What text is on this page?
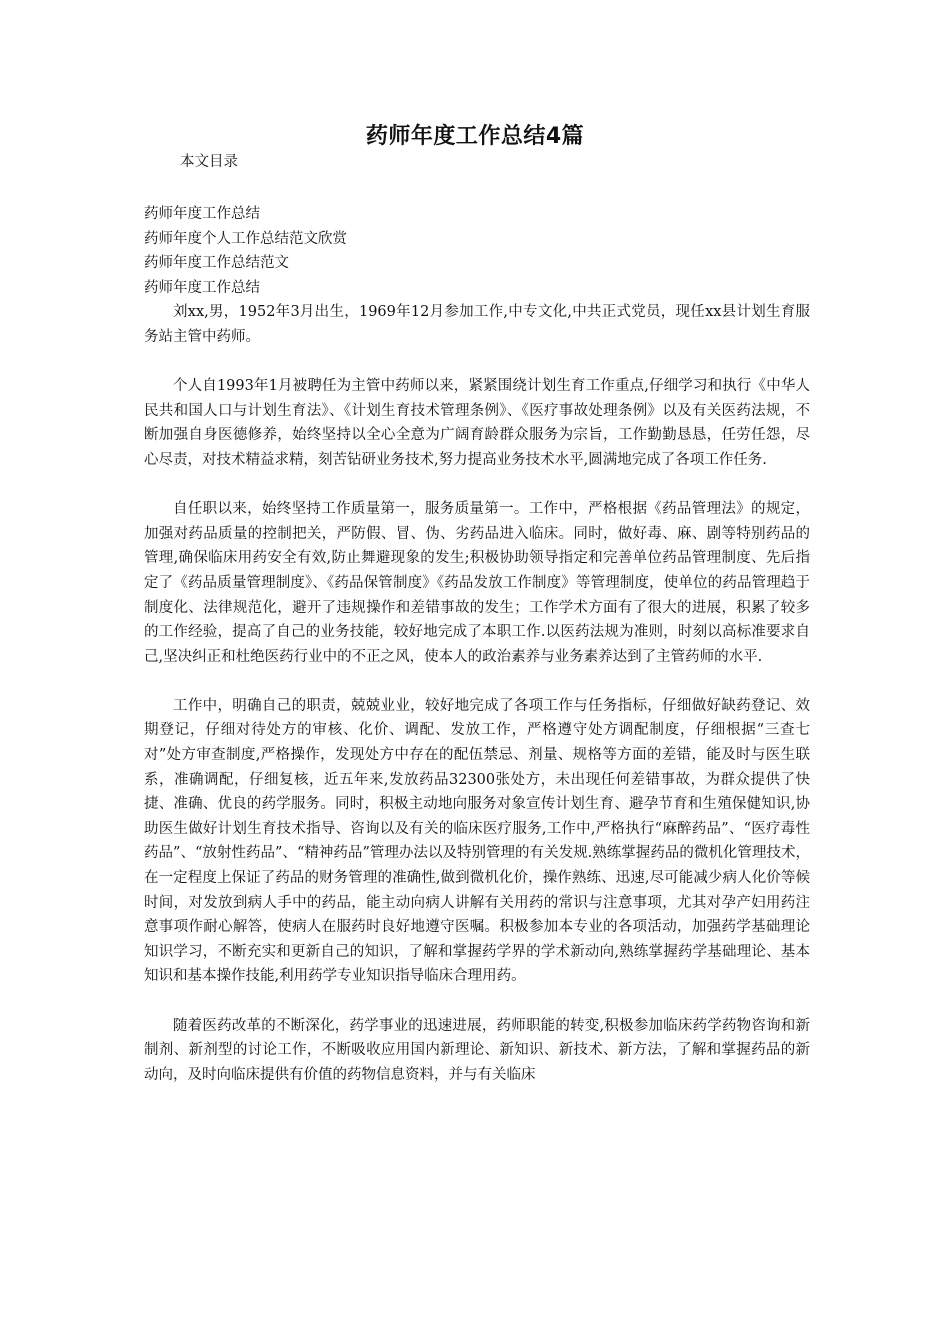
药师年度工作总结4篇
本文目录

药师年度工作总结

药师年度个人工作总结范文欣赏

药师年度工作总结范文

药师年度工作总结

刘xx,男，1952年3月出生，1969年12月参加工作,中专文化,中共正式党员，现任xx县计划生育服务站主管中药师。

个人自1993年1月被聘任为主管中药师以来，紧紧围绕计划生育工作重点,仔细学习和执行《中华人民共和国人口与计划生育法》、《计划生育技术管理条例》、《医疗事故处理条例》以及有关医药法规，不断加强自身医德修养，始终坚持以全心全意为广阔育龄群众服务为宗旨，工作勤勤恳恳，任劳任怨，尽心尽责，对技术精益求精，刻苦钻研业务技术,努力提高业务技术水平,圆满地完成了各项工作任务.

自任职以来，始终坚持工作质量第一，服务质量第一。工作中，严格根据《药品管理法》的规定，加强对药品质量的控制把关，严防假、冒、伪、劣药品进入临床。同时，做好毒、麻、剧等特别药品的管理,确保临床用药安全有效,防止舞避现象的发生;积极协助领导指定和完善单位药品管理制度、先后指定了《药品质量管理制度》、《药品保管制度》《药品发放工作制度》等管理制度，使单位的药品管理趋于制度化、法律规范化，避开了违规操作和差错事故的发生；工作学术方面有了很大的进展，积累了较多的工作经验，提高了自己的业务技能，较好地完成了本职工作.以医药法规为准则，时刻以高标准要求自己,坚决纠正和杜绝医药行业中的不正之风，使本人的政治素养与业务素养达到了主管药师的水平.

工作中，明确自己的职责，兢兢业业，较好地完成了各项工作与任务指标，仔细做好缺药登记、效期登记，仔细对待处方的审核、化价、调配、发放工作，严格遵守处方调配制度，仔细根据“三查七对”处方审查制度,严格操作，发现处方中存在的配伍禁忌、剂量、规格等方面的差错，能及时与医生联系，准确调配，仔细复核，近五年来,发放药品32300张处方，未出现任何差错事故，为群众提供了快捷、准确、优良的药学服务。同时，积极主动地向服务对象宣传计划生育、避孕节育和生殖保健知识,协助医生做好计划生育技术指导、咨询以及有关的临床医疗服务,工作中,严格执行“麻醉药品”、“医疗毒性药品”、“放射性药品”、“精神药品”管理办法以及特别管理的有关发规.熟练掌握药品的微机化管理技术，在一定程度上保证了药品的财务管理的准确性,做到微机化价，操作熟练、迅速,尽可能减少病人化价等候时间，对发放到病人手中的药品，能主动向病人讲解有关用药的常识与注意事项，尤其对孕产妇用药注意事项作耐心解答，使病人在服药时良好地遵守医嘱。积极参加本专业的各项活动，加强药学基础理论知识学习，不断充实和更新自己的知识，了解和掌握药学界的学术新动向,熟练掌握药学基础理论、基本知识和基本操作技能,利用药学专业知识指导临床合理用药。

随着医药改革的不断深化，药学事业的迅速进展，药师职能的转变,积极参加临床药学药物咨询和新制剂、新剂型的讨论工作，不断吸收应用国内新理论、新知识、新技术、新方法，了解和掌握药品的新动向，及时向临床提供有价值的药物信息资料，并与有关临床
